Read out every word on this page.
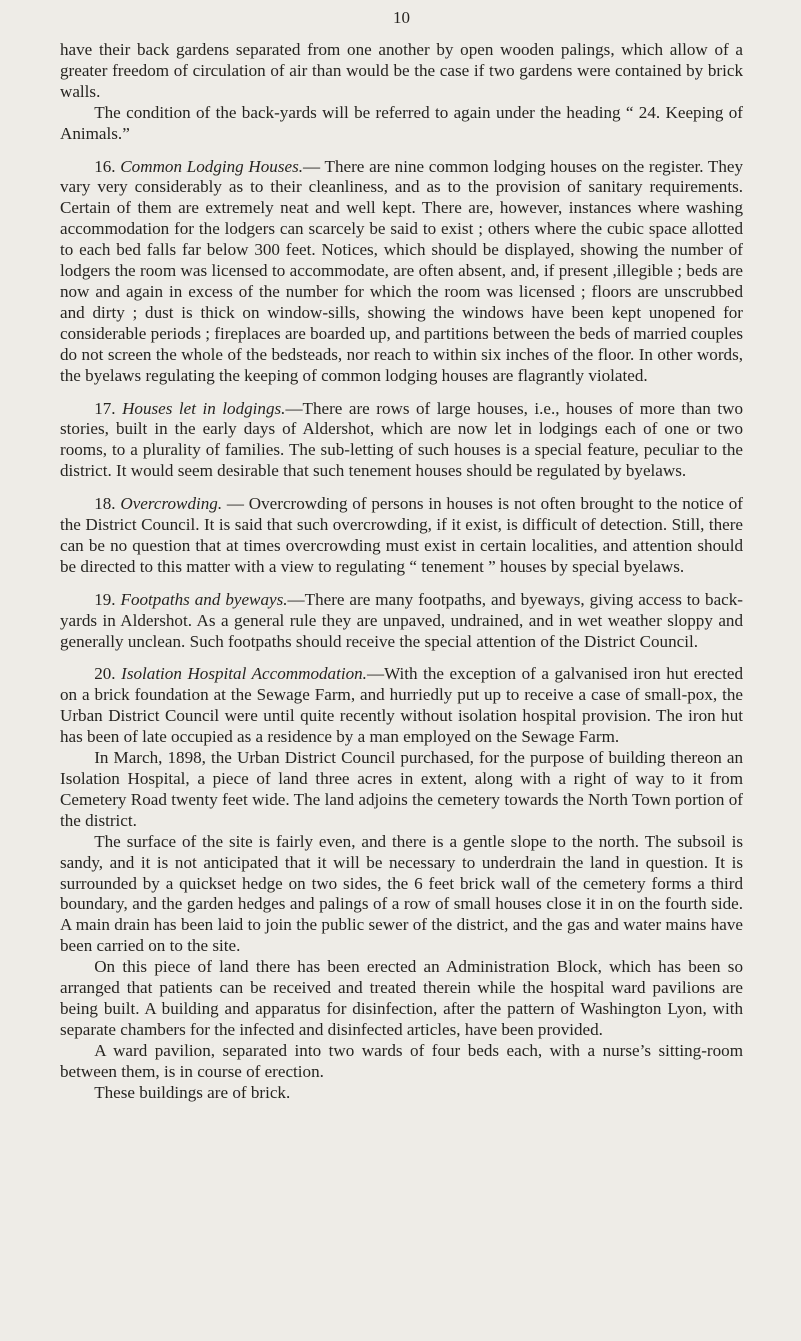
10

have their back gardens separated from one another by open wooden palings, which allow of a greater freedom of circulation of air than would be the case if two gardens were contained by brick walls.

The condition of the back-yards will be referred to again under the heading “ 24. Keeping of Animals.”

16. Common Lodging Houses.— There are nine common lodging houses on the register. They vary very considerably as to their cleanliness, and as to the provision of sanitary requirements. Certain of them are extremely neat and well kept. There are, however, instances where washing accommodation for the lodgers can scarcely be said to exist ; others where the cubic space allotted to each bed falls far below 300 feet. Notices, which should be displayed, showing the number of lodgers the room was licensed to accommodate, are often absent, and, if present ,illegible ; beds are now and again in excess of the number for which the room was licensed ; floors are unscrubbed and dirty ; dust is thick on window-sills, showing the windows have been kept unopened for considerable periods ; fireplaces are boarded up, and partitions between the beds of married couples do not screen the whole of the bedsteads, nor reach to within six inches of the floor. In other words, the byelaws regulating the keeping of common lodging houses are flagrantly violated.

17. Houses let in lodgings.—There are rows of large houses, i.e., houses of more than two stories, built in the early days of Aldershot, which are now let in lodgings each of one or two rooms, to a plurality of families. The sub-letting of such houses is a special feature, peculiar to the district. It would seem desirable that such tenement houses should be regulated by byelaws.

18. Overcrowding. — Overcrowding of persons in houses is not often brought to the notice of the District Council. It is said that such overcrowding, if it exist, is difficult of detection. Still, there can be no question that at times overcrowding must exist in certain localities, and attention should be directed to this matter with a view to regulating “ tenement ” houses by special byelaws.

19. Footpaths and byeways.—There are many footpaths, and byeways, giving access to back-yards in Aldershot. As a general rule they are unpaved, undrained, and in wet weather sloppy and generally unclean. Such footpaths should receive the special attention of the District Council.

20. Isolation Hospital Accommodation.—With the exception of a galvanised iron hut erected on a brick foundation at the Sewage Farm, and hurriedly put up to receive a case of small-pox, the Urban District Council were until quite recently without isolation hospital provision. The iron hut has been of late occupied as a residence by a man employed on the Sewage Farm.

In March, 1898, the Urban District Council purchased, for the purpose of building thereon an Isolation Hospital, a piece of land three acres in extent, along with a right of way to it from Cemetery Road twenty feet wide. The land adjoins the cemetery towards the North Town portion of the district.

The surface of the site is fairly even, and there is a gentle slope to the north. The subsoil is sandy, and it is not anticipated that it will be necessary to underdrain the land in question. It is surrounded by a quickset hedge on two sides, the 6 feet brick wall of the cemetery forms a third boundary, and the garden hedges and palings of a row of small houses close it in on the fourth side. A main drain has been laid to join the public sewer of the district, and the gas and water mains have been carried on to the site.

On this piece of land there has been erected an Administration Block, which has been so arranged that patients can be received and treated therein while the hospital ward pavilions are being built. A building and apparatus for disinfection, after the pattern of Washington Lyon, with separate chambers for the infected and disinfected articles, have been provided.

A ward pavilion, separated into two wards of four beds each, with a nurse’s sitting-room between them, is in course of erection.

These buildings are of brick.
